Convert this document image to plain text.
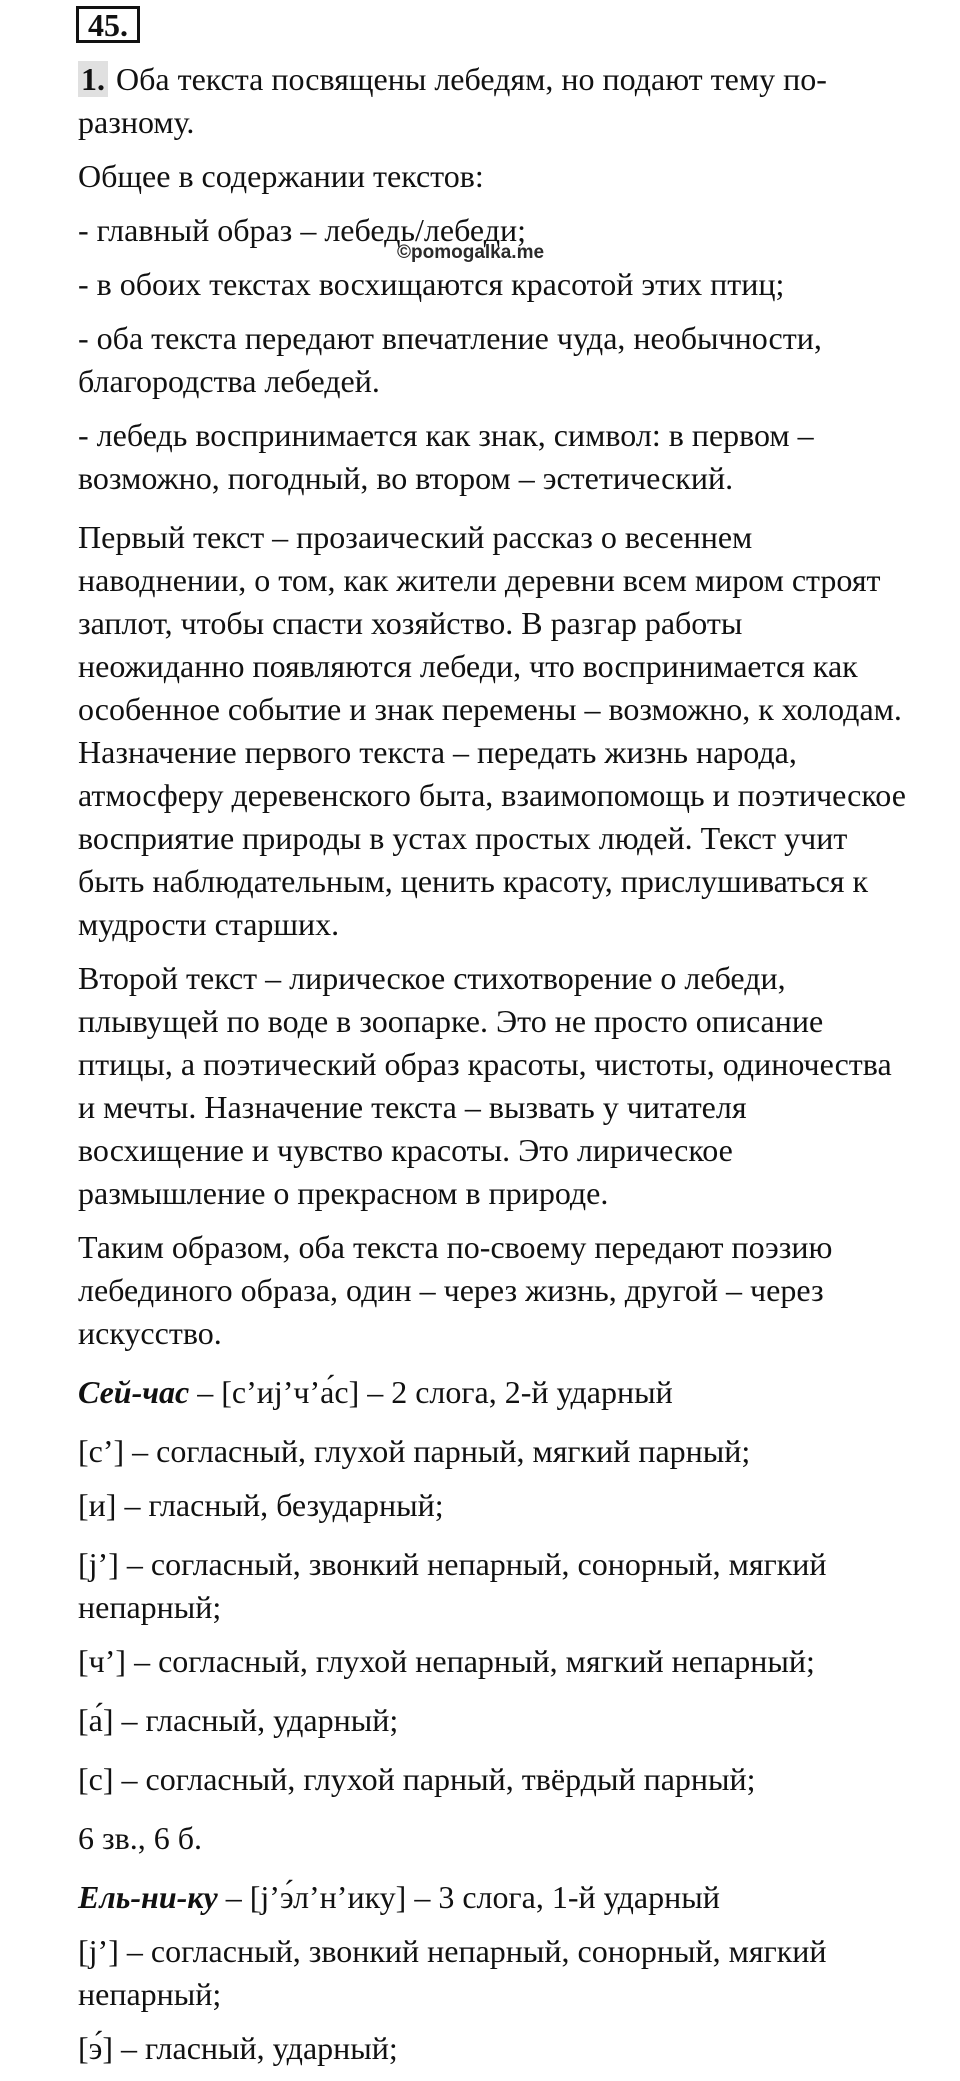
45.
©pomogalka.me
1. Оба текста посвящены лебедям, но подают тему по-
разному.
Общее в содержании текстов:
- главный образ – лебедь/лебеди;
- в обоих текстах восхищаются красотой этих птиц;
- оба текста передают впечатление чуда, необычности,
благородства лебедей.
- лебедь воспринимается как знак, символ: в первом –
возможно, погодный, во втором – эстетический.
Первый текст – прозаический рассказ о весеннем
наводнении, о том, как жители деревни всем миром строят
заплот, чтобы спасти хозяйство. В разгар работы
неожиданно появляются лебеди, что воспринимается как
особенное событие и знак перемены – возможно, к холодам.
Назначение первого текста – передать жизнь народа,
атмосферу деревенского быта, взаимопомощь и поэтическое
восприятие природы в устах простых людей. Текст учит
быть наблюдательным, ценить красоту, прислушиваться к
мудрости старших.
Второй текст – лирическое стихотворение о лебеди,
плывущей по воде в зоопарке. Это не просто описание
птицы, а поэтический образ красоты, чистоты, одиночества
и мечты. Назначение текста – вызвать у читателя
восхищение и чувство красоты. Это лирическое
размышление о прекрасном в природе.
Таким образом, оба текста по-своему передают поэзию
лебединого образа, один – через жизнь, другой – через
искусство.
Сей-час – [с’иj’ч’а́с] – 2 слога, 2-й ударный
[с’] – согласный, глухой парный, мягкий парный;
[и] – гласный, безударный;
[j’] – согласный, звонкий непарный, сонорный, мягкий
непарный;
[ч’] – согласный, глухой непарный, мягкий непарный;
[а́] – гласный, ударный;
[с] – согласный, глухой парный, твёрдый парный;
6 зв., 6 б.
Ель-ни-ку – [j’э́л’н’ику] – 3 слога, 1-й ударный
[j’] – согласный, звонкий непарный, сонорный, мягкий
непарный;
[э́] – гласный, ударный;
